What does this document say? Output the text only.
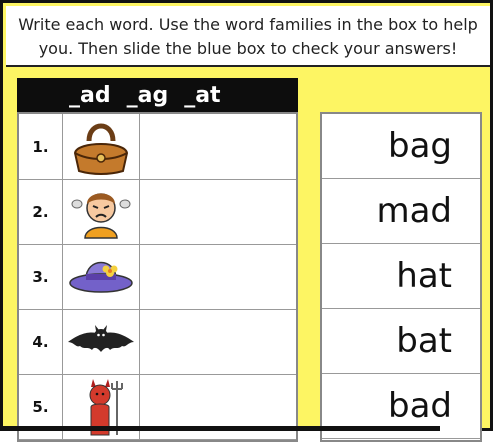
Write each word. Use the word families in the box to help
you. Then slide the blue box to check your answers!
_ad _ag _at
1.
2.
3.
4.
5.
bag
mad
hat
bat
bad
